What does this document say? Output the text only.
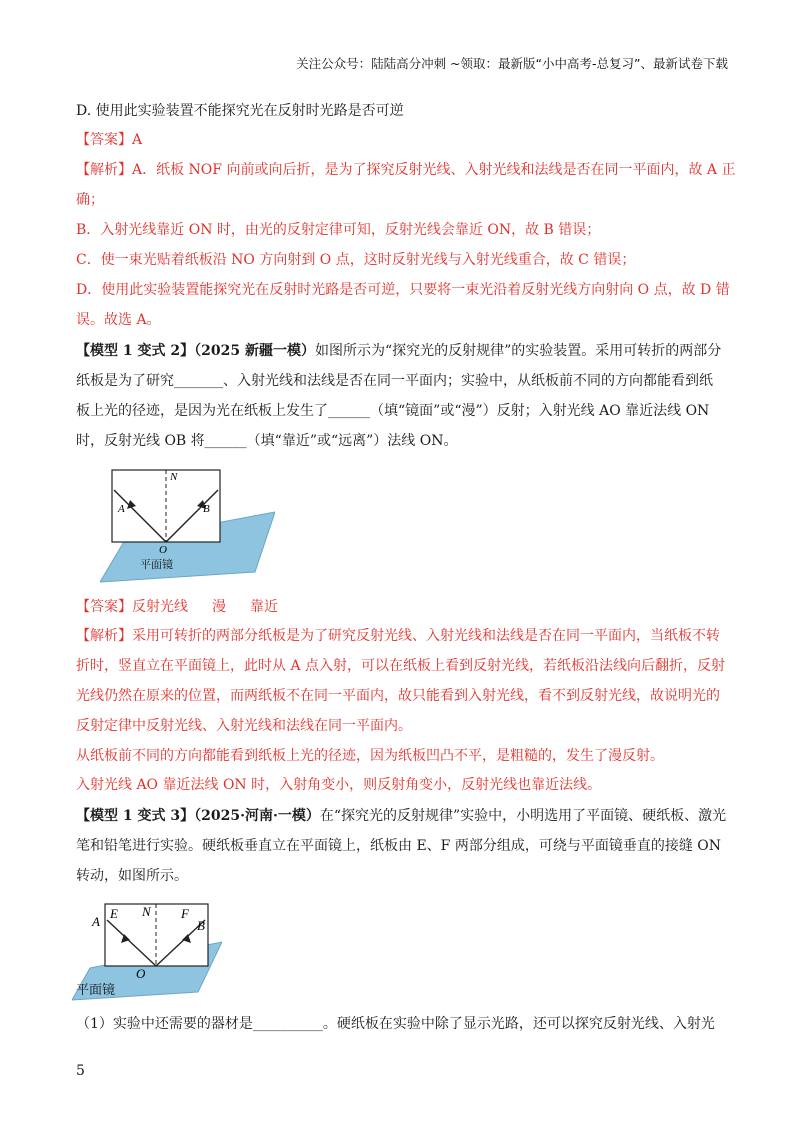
关注公众号：陆陆高分冲刺 ~领取：最新版“小中高考-总复习”、最新试卷下载
D. 使用此实验装置不能探究光在反射时光路是否可逆
【答案】A
【解析】A．纸板 NOF 向前或向后折，是为了探究反射光线、入射光线和法线是否在同一平面内，故 A 正
确；
B．入射光线靠近 ON 时，由光的反射定律可知，反射光线会靠近 ON，故 B 错误；
C．使一束光贴着纸板沿 NO 方向射到 O 点，这时反射光线与入射光线重合，故 C 错误；
D．使用此实验装置能探究光在反射时光路是否可逆，只要将一束光沿着反射光线方向射向 O 点，故 D 错
误。故选 A。
【模型 1 变式 2】（2025 新疆一模）如图所示为“探究光的反射规律”的实验装置。采用可转折的两部分
纸板是为了研究_______、入射光线和法线是否在同一平面内；实验中，从纸板前不同的方向都能看到纸
板上光的径迹，是因为光在纸板上发生了______（填“镜面”或“漫”）反射；入射光线 AO 靠近法线 ON
时，反射光线 OB 将______（填“靠近”或“远离”）法线 ON。
N
A	B
O
平面镜
【答案】反射光线 漫 靠近
【解析】采用可转折的两部分纸板是为了研究反射光线、入射光线和法线是否在同一平面内，当纸板不转
折时，竖直立在平面镜上，此时从 A 点入射，可以在纸板上看到反射光线，若纸板沿法线向后翻折，反射
光线仍然在原来的位置，而两纸板不在同一平面内，故只能看到入射光线，看不到反射光线，故说明光的
反射定律中反射光线、入射光线和法线在同一平面内。
从纸板前不同的方向都能看到纸板上光的径迹，因为纸板凹凸不平，是粗糙的，发生了漫反射。
入射光线 AO 靠近法线 ON 时，入射角变小，则反射角变小，反射光线也靠近法线。
【模型 1 变式 3】（2025·河南·一模）在“探究光的反射规律”实验中，小明选用了平面镜、硬纸板、激光
笔和铅笔进行实验。硬纸板垂直立在平面镜上，纸板由 E、F 两部分组成，可绕与平面镜垂直的接缝 ON
转动，如图所示。
A
E N F
B
O
平面镜
（1）实验中还需要的器材是__________。硬纸板在实验中除了显示光路，还可以探究反射光线、入射光
5
